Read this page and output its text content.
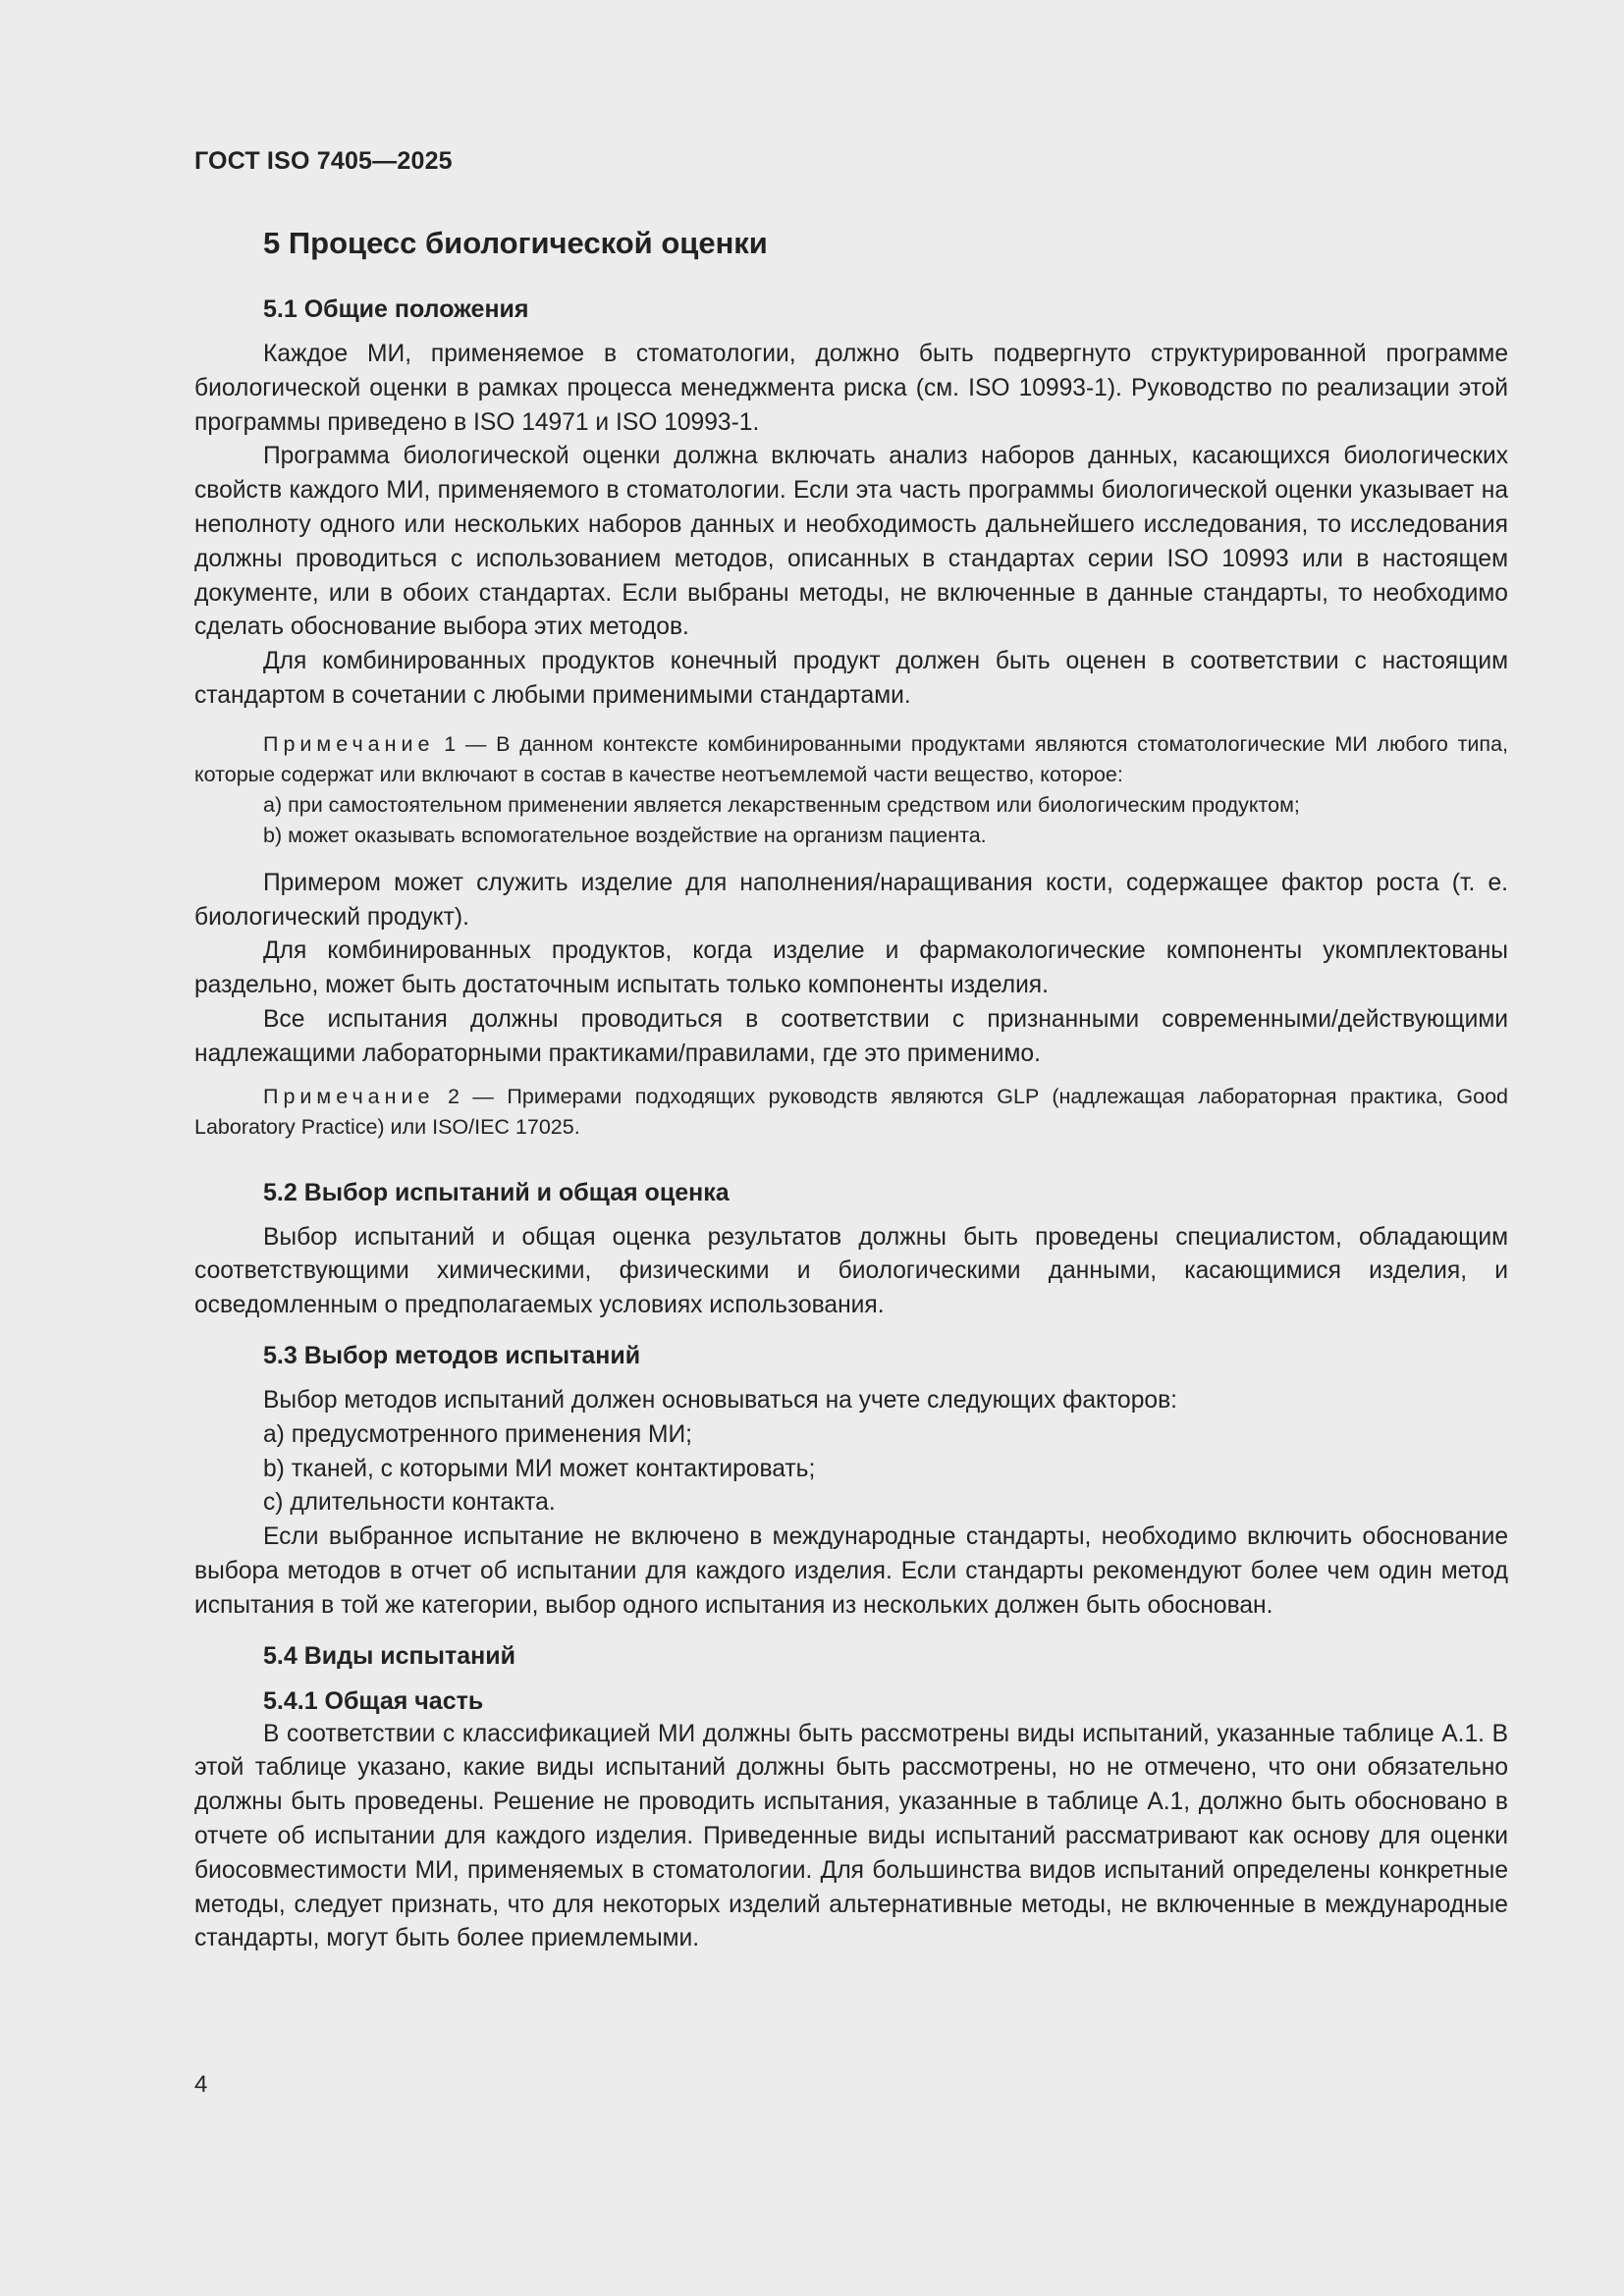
ГОСТ ISO 7405—2025
5 Процесс биологической оценки
5.1 Общие положения

Каждое МИ, применяемое в стоматологии, должно быть подвергнуто структурированной программе биологической оценки в рамках процесса менеджмента риска (см. ISO 10993-1). Руководство по реализации этой программы приведено в ISO 14971 и ISO 10993-1.

Программа биологической оценки должна включать анализ наборов данных, касающихся биологических свойств каждого МИ, применяемого в стоматологии. Если эта часть программы биологической оценки указывает на неполноту одного или нескольких наборов данных и необходимость дальнейшего исследования, то исследования должны проводиться с использованием методов, описанных в стандартах серии ISO 10993 или в настоящем документе, или в обоих стандартах. Если выбраны методы, не включенные в данные стандарты, то необходимо сделать обоснование выбора этих методов.

Для комбинированных продуктов конечный продукт должен быть оценен в соответствии с настоящим стандартом в сочетании с любыми применимыми стандартами.

Примечание 1 — В данном контексте комбинированными продуктами являются стоматологические МИ любого типа, которые содержат или включают в состав в качестве неотъемлемой части вещество, которое:

a) при самостоятельном применении является лекарственным средством или биологическим продуктом;
b) может оказывать вспомогательное воздействие на организм пациента.

Примером может служить изделие для наполнения/наращивания кости, содержащее фактор роста (т. е. биологический продукт).

Для комбинированных продуктов, когда изделие и фармакологические компоненты укомплектованы раздельно, может быть достаточным испытать только компоненты изделия.

Все испытания должны проводиться в соответствии с признанными современными/действующими надлежащими лабораторными практиками/правилами, где это применимо.

Примечание 2 — Примерами подходящих руководств являются GLP (надлежащая лабораторная практика, Good Laboratory Practice) или ISO/IEC 17025.

5.2 Выбор испытаний и общая оценка

Выбор испытаний и общая оценка результатов должны быть проведены специалистом, обладающим соответствующими химическими, физическими и биологическими данными, касающимися изделия, и осведомленным о предполагаемых условиях использования.

5.3 Выбор методов испытаний

Выбор методов испытаний должен основываться на учете следующих факторов:

a) предусмотренного применения МИ;
b) тканей, с которыми МИ может контактировать;
c) длительности контакта.

Если выбранное испытание не включено в международные стандарты, необходимо включить обоснование выбора методов в отчет об испытании для каждого изделия. Если стандарты рекомендуют более чем один метод испытания в той же категории, выбор одного испытания из нескольких должен быть обоснован.

5.4 Виды испытаний
5.4.1 Общая часть

В соответствии с классификацией МИ должны быть рассмотрены виды испытаний, указанные таблице А.1. В этой таблице указано, какие виды испытаний должны быть рассмотрены, но не отмечено, что они обязательно должны быть проведены. Решение не проводить испытания, указанные в таблице А.1, должно быть обосновано в отчете об испытании для каждого изделия. Приведенные виды испытаний рассматривают как основу для оценки биосовместимости МИ, применяемых в стоматологии. Для большинства видов испытаний определены конкретные методы, следует признать, что для некоторых изделий альтернативные методы, не включенные в международные стандарты, могут быть более приемлемыми.

4
